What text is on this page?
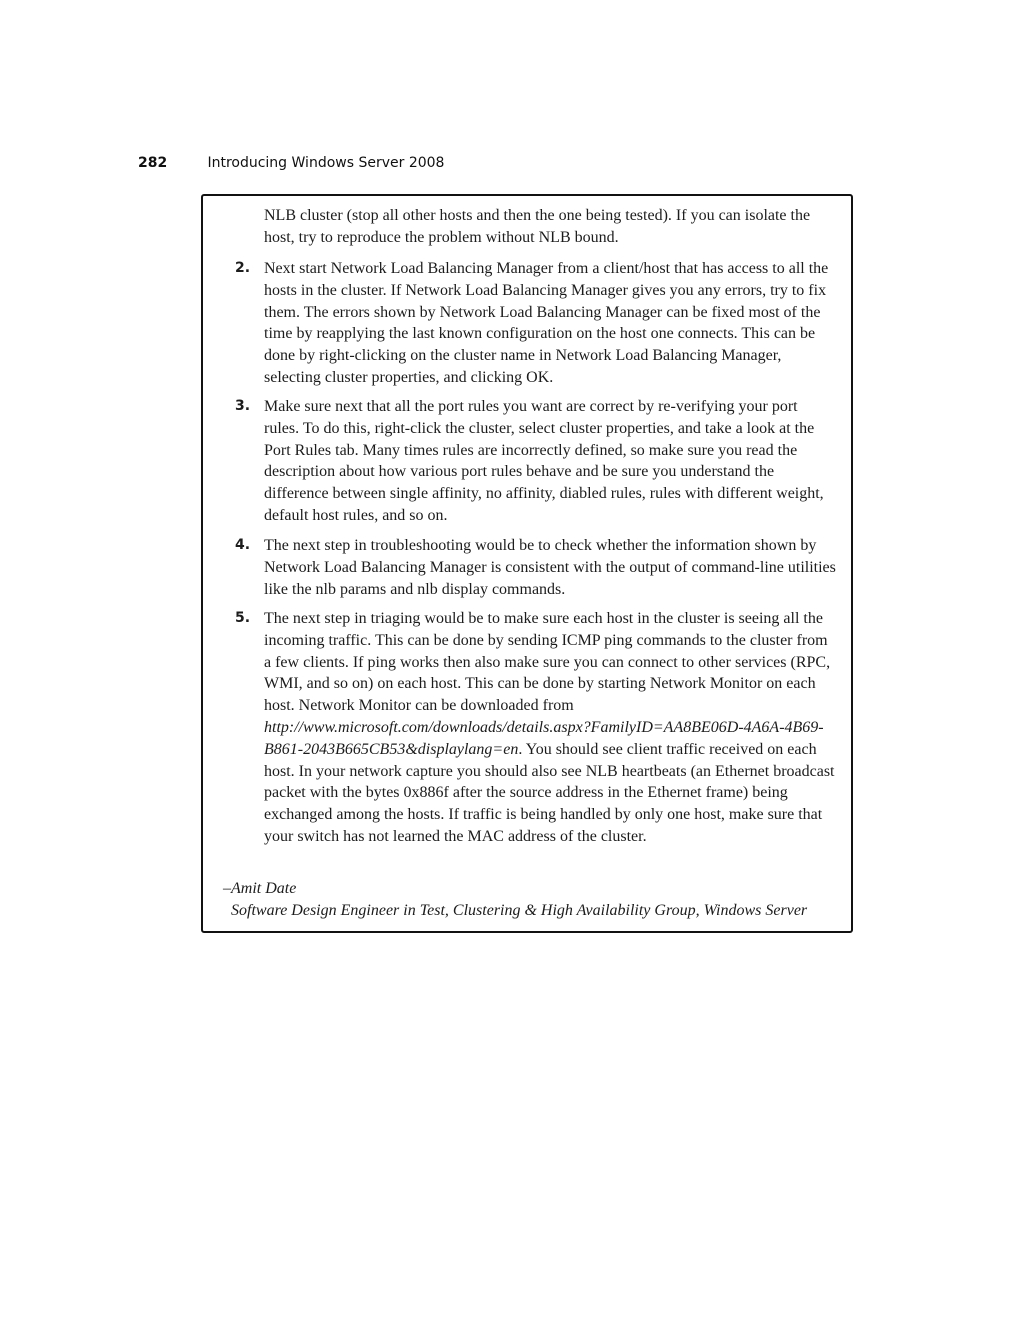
282	Introducing Windows Server 2008

NLB cluster (stop all other hosts and then the one being tested). If you can isolate the host, try to reproduce the problem without NLB bound.

2. Next start Network Load Balancing Manager from a client/host that has access to all the hosts in the cluster. If Network Load Balancing Manager gives you any errors, try to fix them. The errors shown by Network Load Balancing Manager can be fixed most of the time by reapplying the last known configuration on the host one connects. This can be done by right-clicking on the cluster name in Network Load Balancing Manager, selecting cluster properties, and clicking OK.

3. Make sure next that all the port rules you want are correct by re-verifying your port rules. To do this, right-click the cluster, select cluster properties, and take a look at the Port Rules tab. Many times rules are incorrectly defined, so make sure you read the description about how various port rules behave and be sure you understand the difference between single affinity, no affinity, diabled rules, rules with different weight, default host rules, and so on.

4. The next step in troubleshooting would be to check whether the information shown by Network Load Balancing Manager is consistent with the output of command-line utilities like the nlb params and nlb display commands.

5. The next step in triaging would be to make sure each host in the cluster is seeing all the incoming traffic. This can be done by sending ICMP ping commands to the cluster from a few clients. If ping works then also make sure you can connect to other services (RPC, WMI, and so on) on each host. This can be done by starting Network Monitor on each host. Network Monitor can be downloaded from http://www.microsoft.com/downloads/details.aspx?FamilyID=AA8BE06D-4A6A-4B69-B861-2043B665CB53&displaylang=en. You should see client traffic received on each host. In your network capture you should also see NLB heartbeats (an Ethernet broadcast packet with the bytes 0x886f after the source address in the Ethernet frame) being exchanged among the hosts. If traffic is being handled by only one host, make sure that your switch has not learned the MAC address of the cluster.

–Amit Date

Software Design Engineer in Test, Clustering & High Availability Group, Windows Server
